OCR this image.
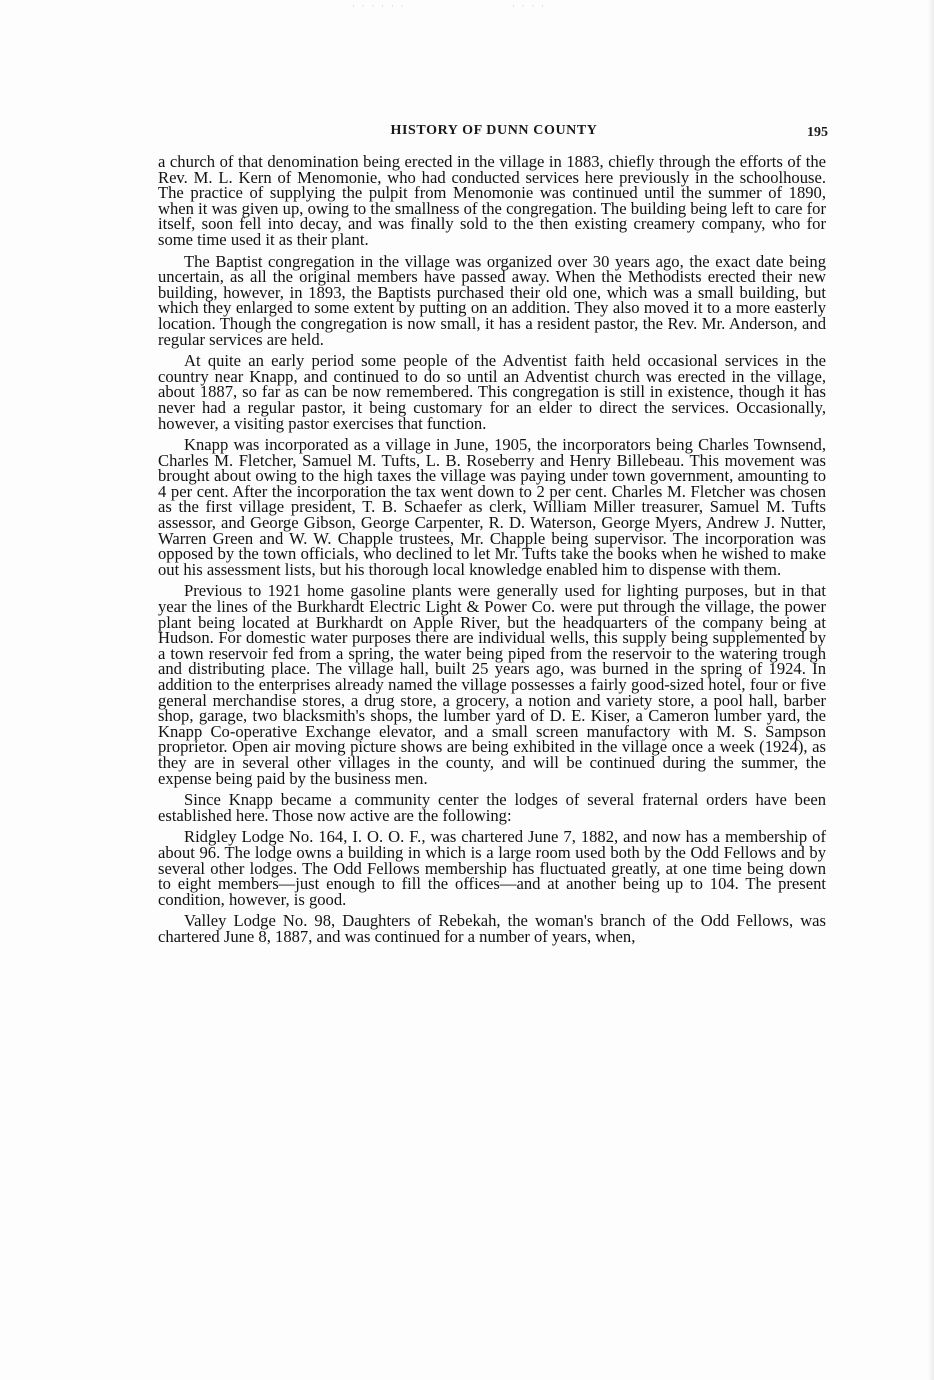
· · · · · ·	· · · ·
HISTORY OF DUNN COUNTY	195

a church of that denomination being erected in the village in 1883, chiefly through the efforts of the Rev. M. L. Kern of Menomonie, who had conducted services here previously in the schoolhouse. The practice of supplying the pulpit from Menomonie was continued until the summer of 1890, when it was given up, owing to the smallness of the congregation. The building being left to care for itself, soon fell into decay, and was finally sold to the then existing creamery company, who for some time used it as their plant.

The Baptist congregation in the village was organized over 30 years ago, the exact date being uncertain, as all the original members have passed away. When the Methodists erected their new building, however, in 1893, the Baptists purchased their old one, which was a small building, but which they enlarged to some extent by putting on an addition. They also moved it to a more easterly location. Though the congregation is now small, it has a resident pastor, the Rev. Mr. Anderson, and regular services are held.

At quite an early period some people of the Adventist faith held occasional services in the country near Knapp, and continued to do so until an Adventist church was erected in the village, about 1887, so far as can be now remembered. This congregation is still in existence, though it has never had a regular pastor, it being customary for an elder to direct the services. Occasionally, however, a visiting pastor exercises that function.

Knapp was incorporated as a village in June, 1905, the incorporators being Charles Townsend, Charles M. Fletcher, Samuel M. Tufts, L. B. Roseberry and Henry Billebeau. This movement was brought about owing to the high taxes the village was paying under town government, amounting to 4 per cent. After the incorporation the tax went down to 2 per cent. Charles M. Fletcher was chosen as the first village president, T. B. Schaefer as clerk, William Miller treasurer, Samuel M. Tufts assessor, and George Gibson, George Carpenter, R. D. Waterson, George Myers, Andrew J. Nutter, Warren Green and W. W. Chapple trustees, Mr. Chapple being supervisor. The incorporation was opposed by the town officials, who declined to let Mr. Tufts take the books when he wished to make out his assessment lists, but his thorough local knowledge enabled him to dispense with them.

Previous to 1921 home gasoline plants were generally used for lighting purposes, but in that year the lines of the Burkhardt Electric Light & Power Co. were put through the village, the power plant being located at Burkhardt on Apple River, but the headquarters of the company being at Hudson. For domestic water purposes there are individual wells, this supply being supplemented by a town reservoir fed from a spring, the water being piped from the reservoir to the watering trough and distributing place. The village hall, built 25 years ago, was burned in the spring of 1924. In addition to the enterprises already named the village possesses a fairly good-sized hotel, four or five general merchandise stores, a drug store, a grocery, a notion and variety store, a pool hall, barber shop, garage, two blacksmith's shops, the lumber yard of D. E. Kiser, a Cameron lumber yard, the Knapp Co-operative Exchange elevator, and a small screen manufactory with M. S. Sampson proprietor. Open air moving picture shows are being exhibited in the village once a week (1924), as they are in several other villages in the county, and will be continued during the summer, the expense being paid by the business men.

Since Knapp became a community center the lodges of several fraternal orders have been established here. Those now active are the following:

Ridgley Lodge No. 164, I. O. O. F., was chartered June 7, 1882, and now has a membership of about 96. The lodge owns a building in which is a large room used both by the Odd Fellows and by several other lodges. The Odd Fellows membership has fluctuated greatly, at one time being down to eight members—just enough to fill the offices—and at another being up to 104. The present condition, however, is good.

Valley Lodge No. 98, Daughters of Rebekah, the woman's branch of the Odd Fellows, was chartered June 8, 1887, and was continued for a number of years, when,
